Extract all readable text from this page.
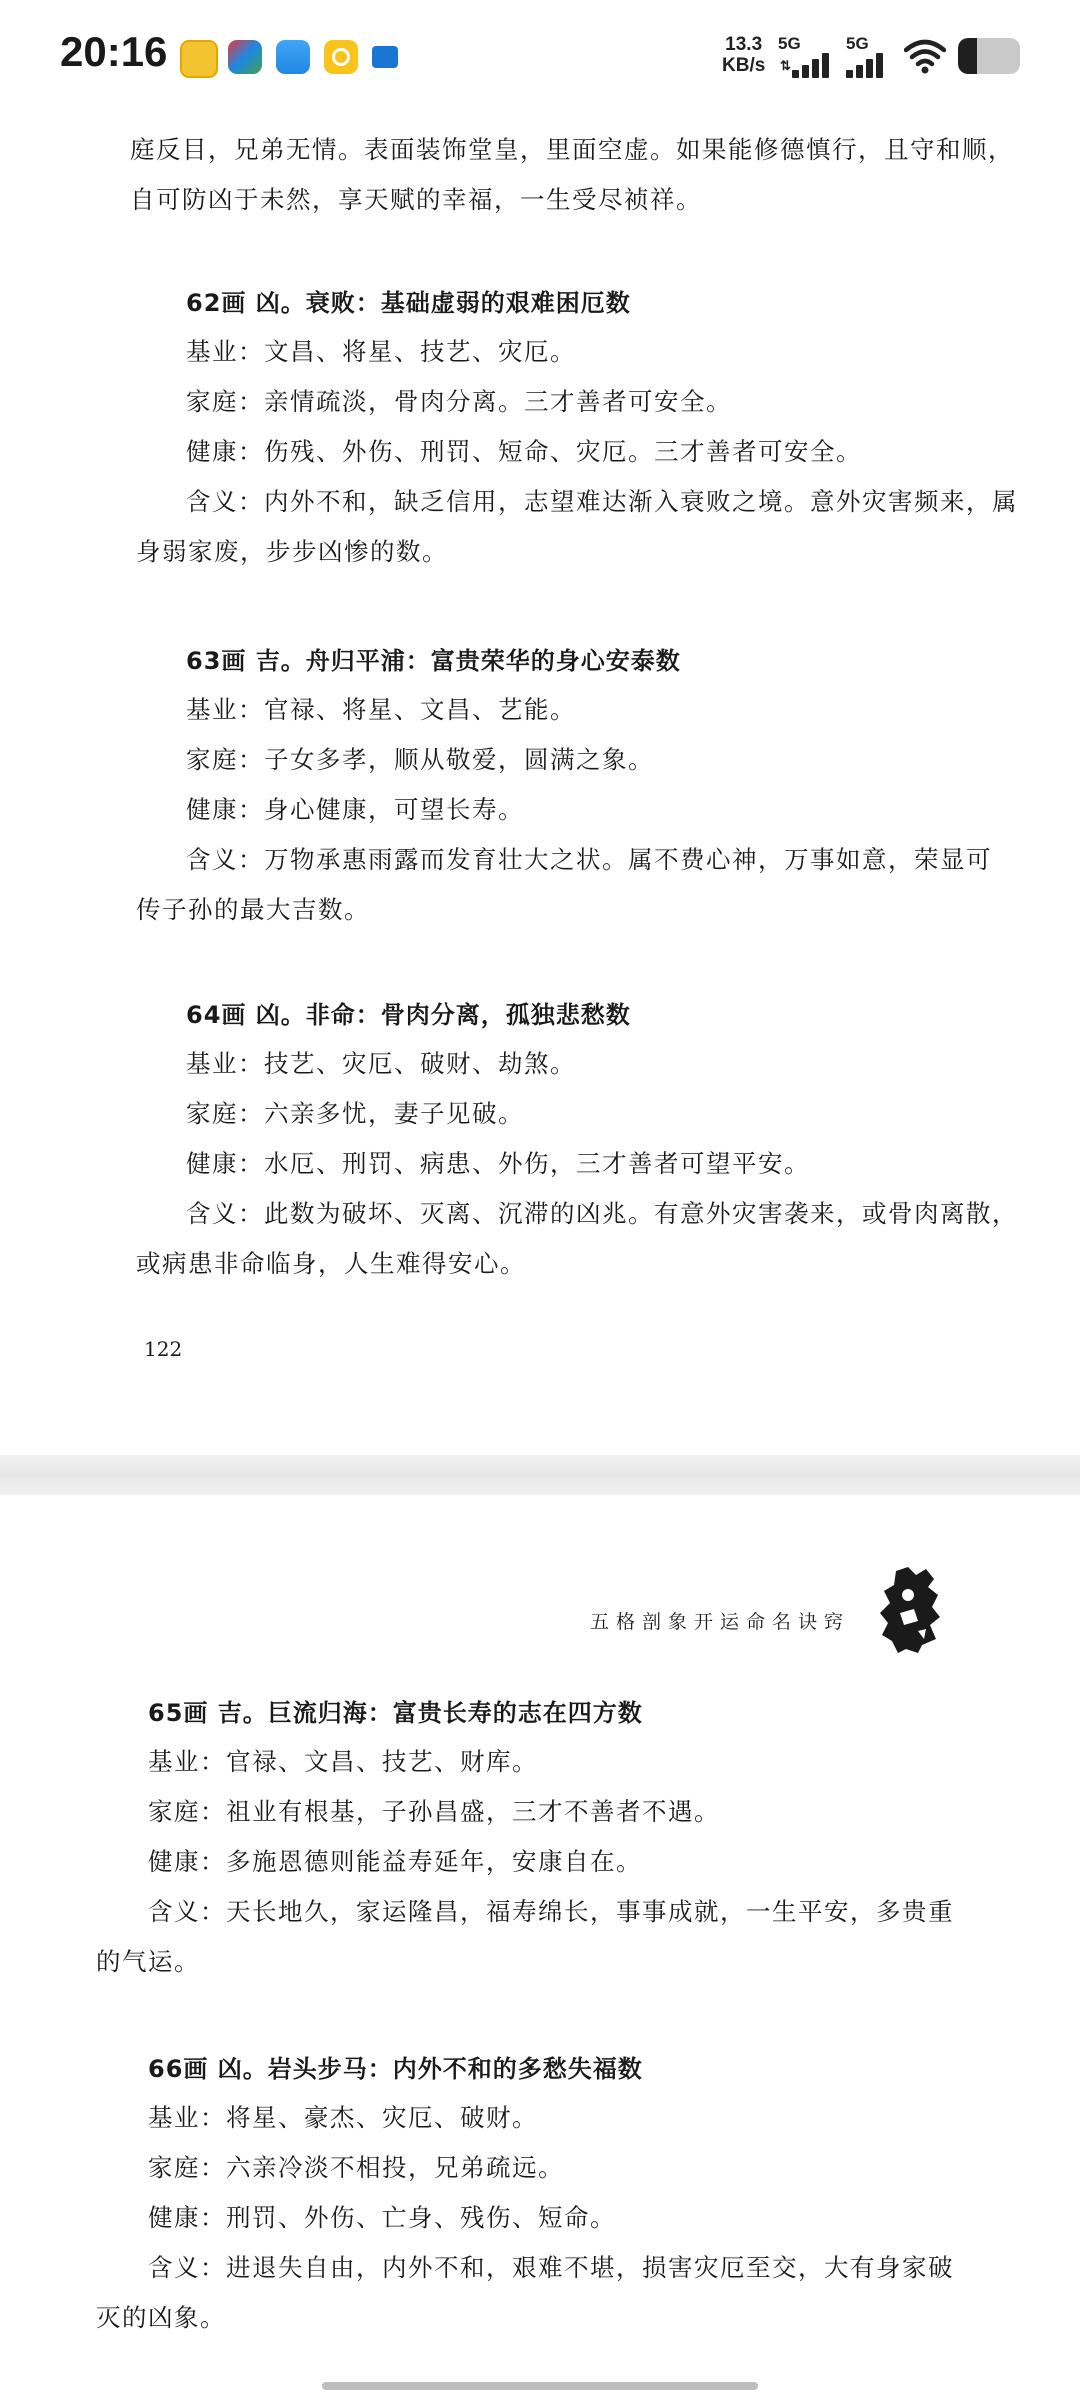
20:16	13.3
KB/s
5G
⇅
5G
庭反目，兄弟无情。表面装饰堂皇，里面空虚。如果能修德慎行，且守和顺，
自可防凶于未然，享天赋的幸福，一生受尽祯祥。
62画 凶。衰败：基础虚弱的艰难困厄数
基业：文昌、将星、技艺、灾厄。
家庭：亲情疏淡，骨肉分离。三才善者可安全。
健康：伤残、外伤、刑罚、短命、灾厄。三才善者可安全。
含义：内外不和，缺乏信用，志望难达渐入衰败之境。意外灾害频来，属
身弱家废，步步凶惨的数。
63画 吉。舟归平浦：富贵荣华的身心安泰数
基业：官禄、将星、文昌、艺能。
家庭：子女多孝，顺从敬爱，圆满之象。
健康：身心健康，可望长寿。
含义：万物承惠雨露而发育壮大之状。属不费心神，万事如意，荣显可
传子孙的最大吉数。
64画 凶。非命：骨肉分离，孤独悲愁数
基业：技艺、灾厄、破财、劫煞。
家庭：六亲多忧，妻子见破。
健康：水厄、刑罚、病患、外伤，三才善者可望平安。
含义：此数为破坏、灭离、沉滞的凶兆。有意外灾害袭来，或骨肉离散，
或病患非命临身，人生难得安心。
122
五格剖象开运命名诀窍
65画 吉。巨流归海：富贵长寿的志在四方数
基业：官禄、文昌、技艺、财库。
家庭：祖业有根基，子孙昌盛，三才不善者不遇。
健康：多施恩德则能益寿延年，安康自在。
含义：天长地久，家运隆昌，福寿绵长，事事成就，一生平安，多贵重
的气运。
66画 凶。岩头步马：内外不和的多愁失福数
基业：将星、豪杰、灾厄、破财。
家庭：六亲冷淡不相投，兄弟疏远。
健康：刑罚、外伤、亡身、残伤、短命。
含义：进退失自由，内外不和，艰难不堪，损害灾厄至交，大有身家破
灭的凶象。
